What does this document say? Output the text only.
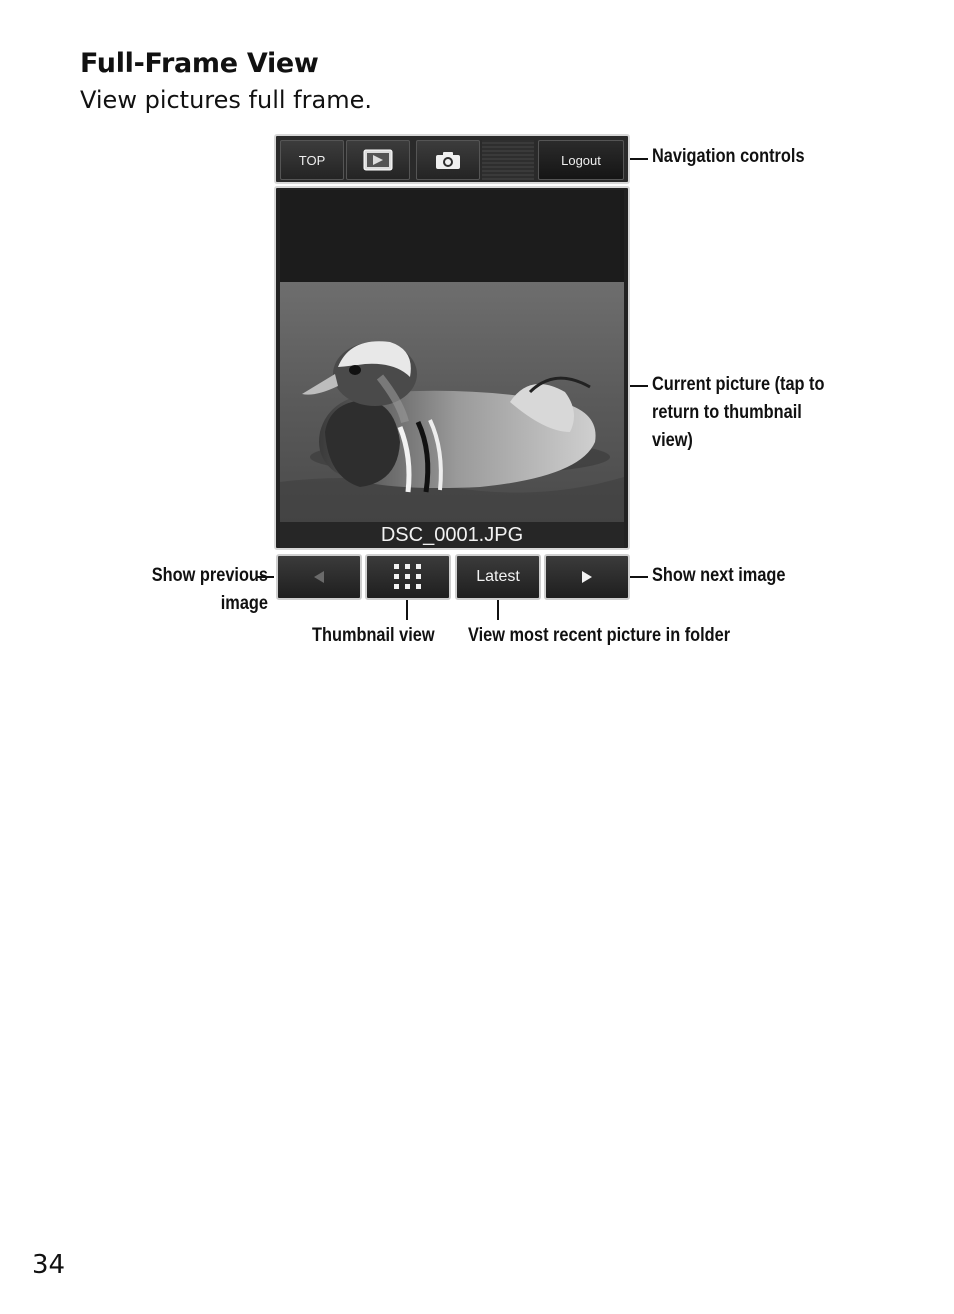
Full-Frame View
View pictures full frame.
TOP	Logout
DSC_0001.JPG
Latest
Navigation controls
Current picture (tap to
return to thumbnail
view)
Show next image
Show previous
image
Thumbnail view View most recent picture in folder
34
